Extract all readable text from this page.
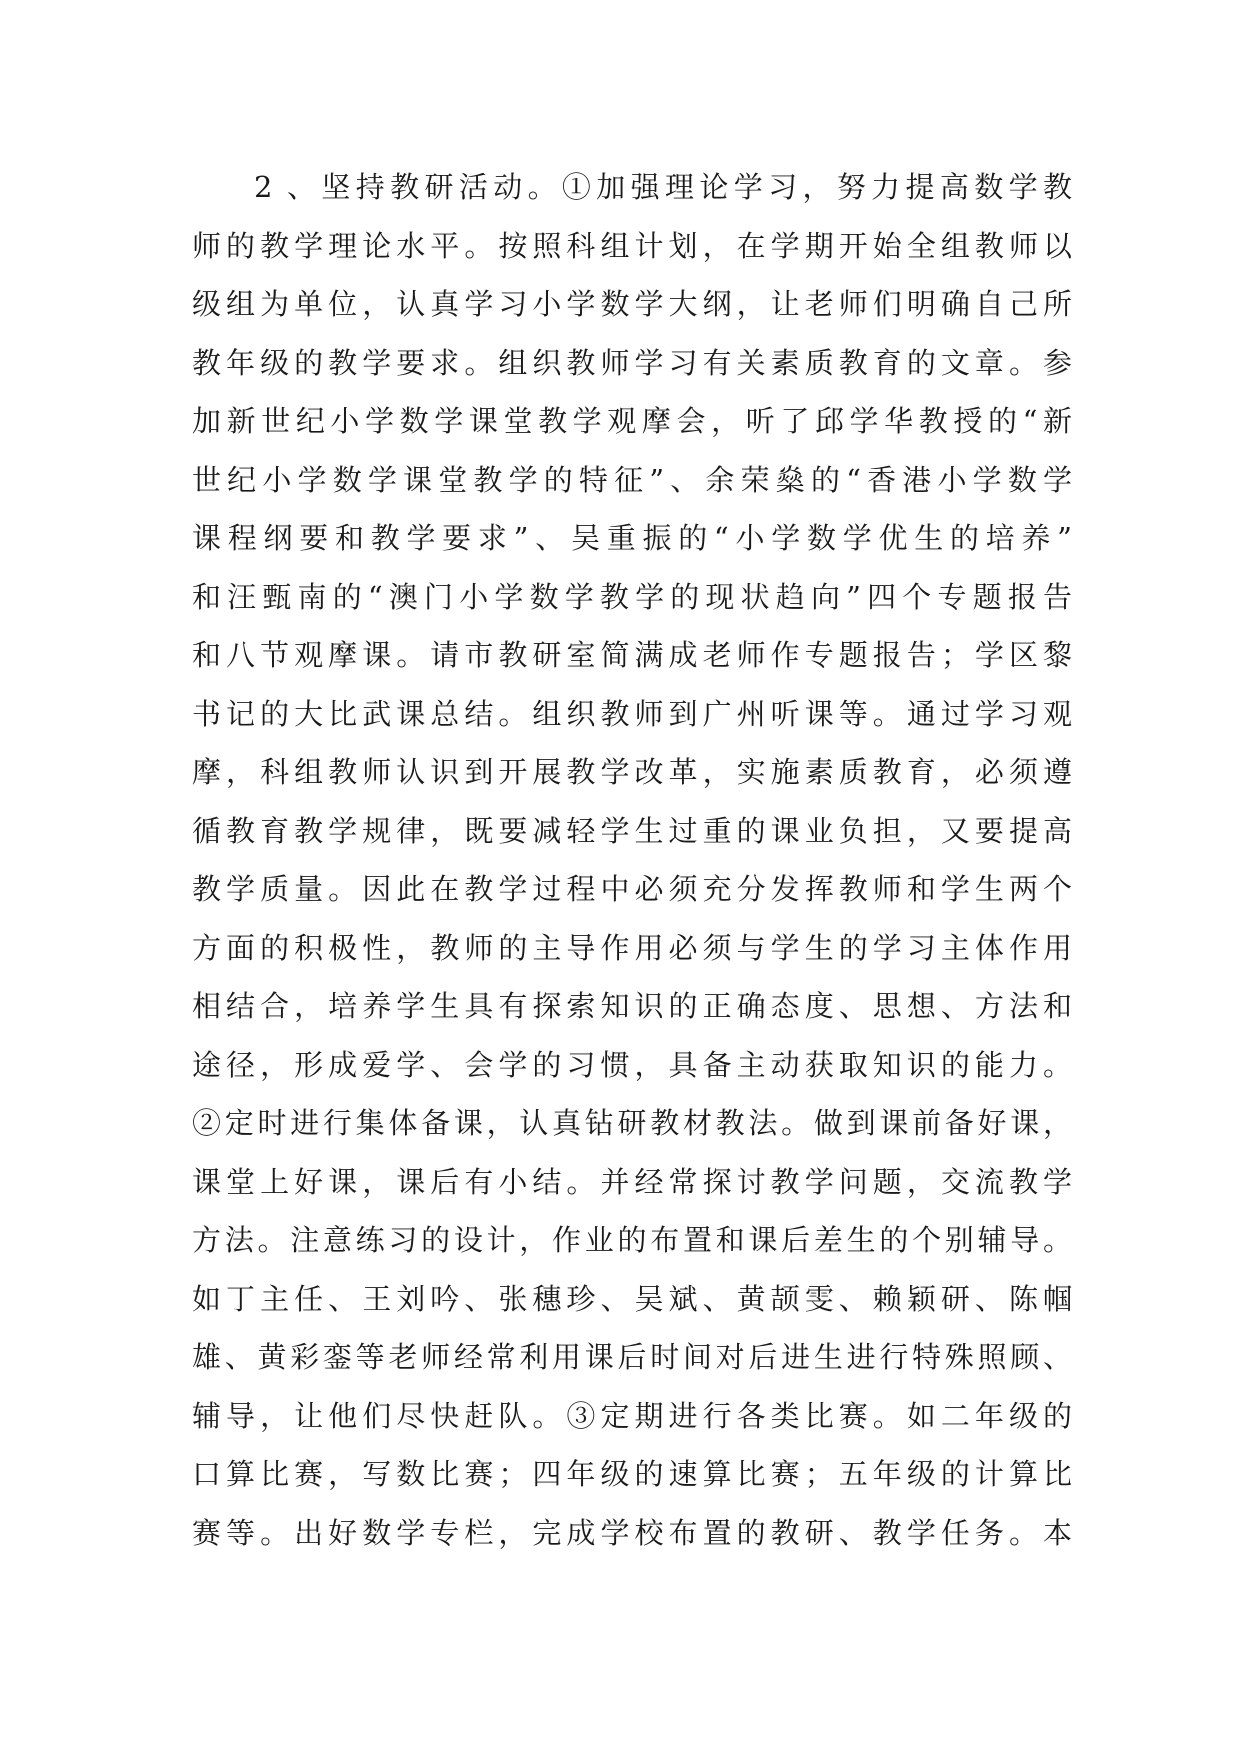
2 、坚持教研活动。①加强理论学习，努力提高数学教
师的教学理论水平。按照科组计划，在学期开始全组教师以
级组为单位，认真学习小学数学大纲，让老师们明确自己所
教年级的教学要求。组织教师学习有关素质教育的文章。参
加新世纪小学数学课堂教学观摩会，听了邱学华教授的“新
世纪小学数学课堂教学的特征”、余荣燊的“香港小学数学
课程纲要和教学要求”、吴重振的“小学数学优生的培养”
和汪甄南的“澳门小学数学教学的现状趋向”四个专题报告
和八节观摩课。请市教研室简满成老师作专题报告；学区黎
书记的大比武课总结。组织教师到广州听课等。通过学习观
摩，科组教师认识到开展教学改革，实施素质教育，必须遵
循教育教学规律，既要减轻学生过重的课业负担，又要提高
教学质量。因此在教学过程中必须充分发挥教师和学生两个
方面的积极性，教师的主导作用必须与学生的学习主体作用
相结合，培养学生具有探索知识的正确态度、思想、方法和
途径，形成爱学、会学的习惯，具备主动获取知识的能力。
②定时进行集体备课，认真钻研教材教法。做到课前备好课，
课堂上好课，课后有小结。并经常探讨教学问题，交流教学
方法。注意练习的设计，作业的布置和课后差生的个别辅导。
如丁主任、王刘吟、张穗珍、吴斌、黄颉雯、赖颖研、陈帼
雄、黄彩銮等老师经常利用课后时间对后进生进行特殊照顾、
辅导，让他们尽快赶队。③定期进行各类比赛。如二年级的
口算比赛，写数比赛；四年级的速算比赛；五年级的计算比
赛等。出好数学专栏，完成学校布置的教研、教学任务。本
